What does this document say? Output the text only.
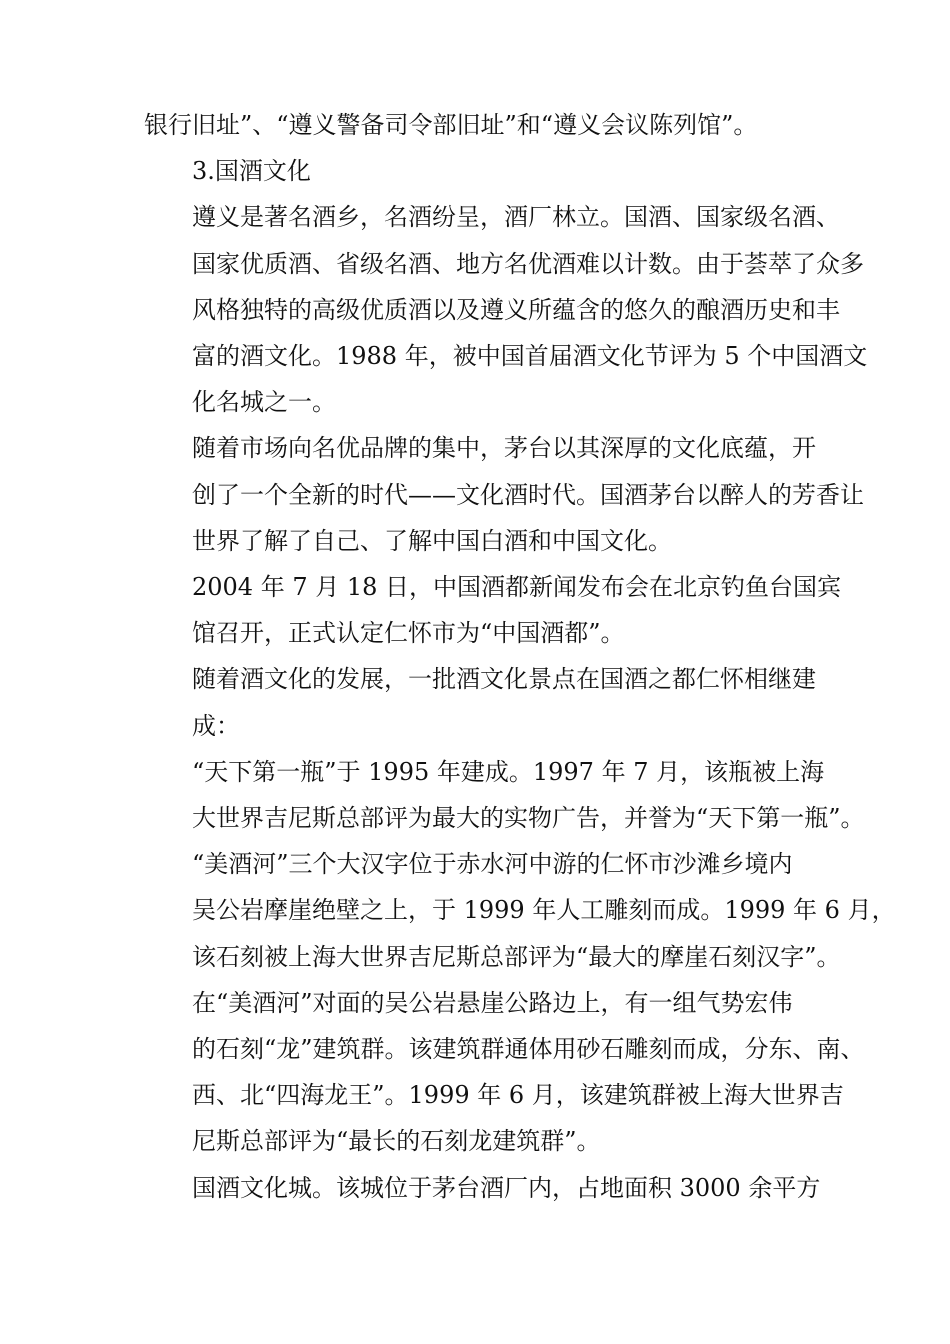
银行旧址”、“遵义警备司令部旧址”和“遵义会议陈列馆”。

3.国酒文化

遵义是著名酒乡，名酒纷呈，酒厂林立。国酒、国家级名酒、
国家优质酒、省级名酒、地方名优酒难以计数。由于荟萃了众多
风格独特的高级优质酒以及遵义所蕴含的悠久的酿酒历史和丰
富的酒文化。1988 年，被中国首届酒文化节评为 5 个中国酒文
化名城之一。

随着市场向名优品牌的集中，茅台以其深厚的文化底蕴，开
创了一个全新的时代——文化酒时代。国酒茅台以醉人的芳香让
世界了解了自己、了解中国白酒和中国文化。

2004 年 7 月 18 日，中国酒都新闻发布会在北京钓鱼台国宾
馆召开，正式认定仁怀市为“中国酒都”。

随着酒文化的发展，一批酒文化景点在国酒之都仁怀相继建
成：

“天下第一瓶”于 1995 年建成。1997 年 7 月，该瓶被上海
大世界吉尼斯总部评为最大的实物广告，并誉为“天下第一瓶”。

“美酒河”三个大汉字位于赤水河中游的仁怀市沙滩乡境内
吴公岩摩崖绝壁之上，于 1999 年人工雕刻而成。1999 年 6 月，
该石刻被上海大世界吉尼斯总部评为“最大的摩崖石刻汉字”。

在“美酒河”对面的吴公岩悬崖公路边上，有一组气势宏伟
的石刻“龙”建筑群。该建筑群通体用砂石雕刻而成，分东、南、
西、北“四海龙王”。1999 年 6 月，该建筑群被上海大世界吉
尼斯总部评为“最长的石刻龙建筑群”。

国酒文化城。该城位于茅台酒厂内，占地面积 3000 余平方
